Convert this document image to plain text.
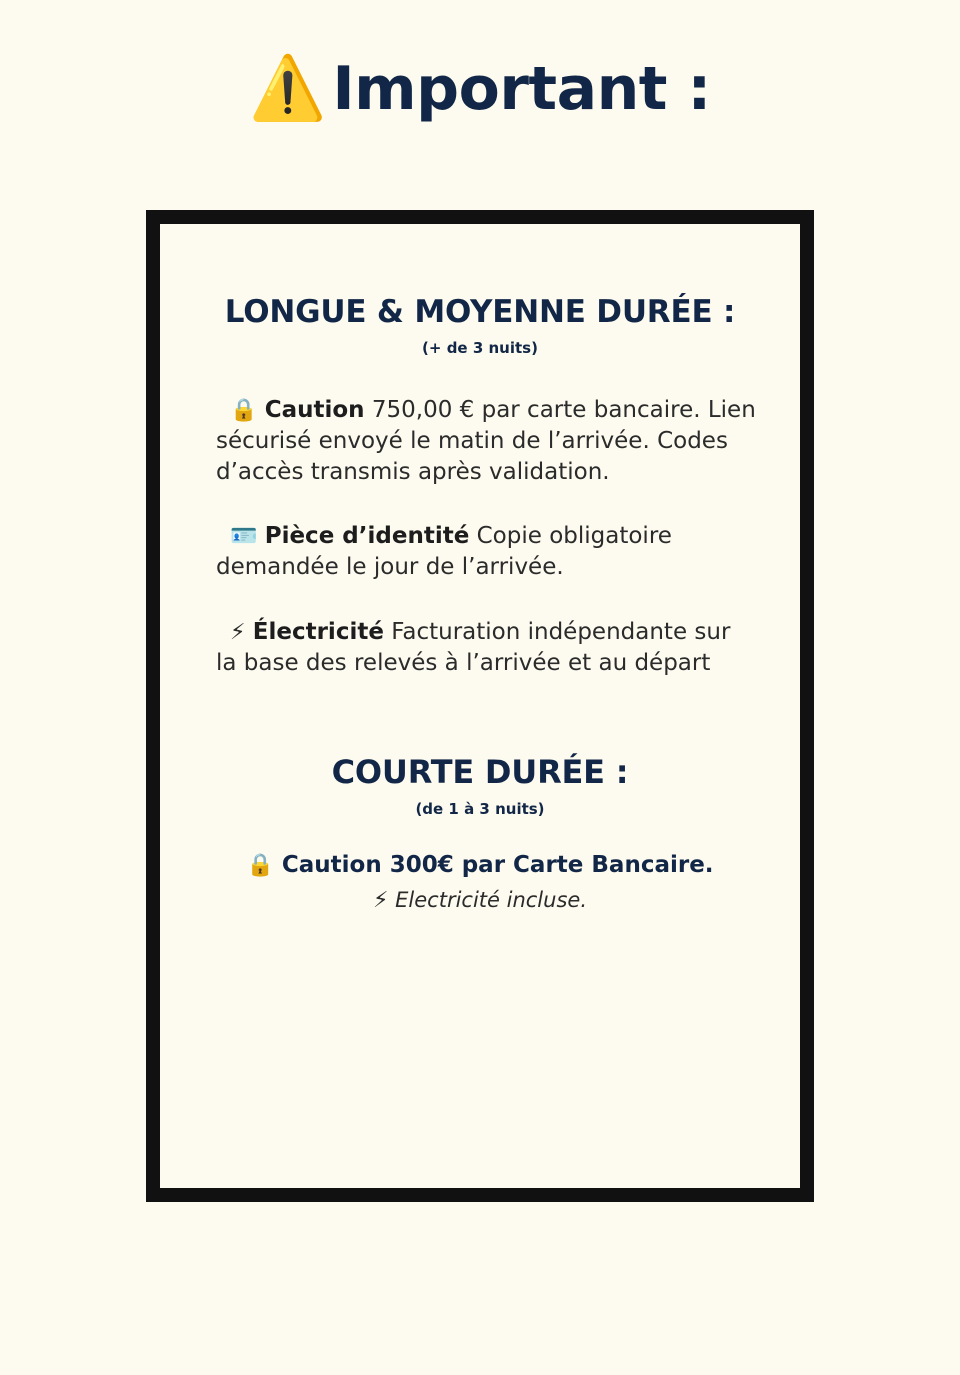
⚠️ Important :
LONGUE & MOYENNE DURÉE :
(+ de 3 nuits)

🔒 Caution 750,00 € par carte bancaire. Lien sécurisé envoyé le matin de l’arrivée. Codes d’accès transmis après validation.

🪪 Pièce d’identité Copie obligatoire demandée le jour de l’arrivée.

⚡ Électricité Facturation indépendante sur la base des relevés à l’arrivée et au départ

COURTE DURÉE :
(de 1 à 3 nuits)
🔒 Caution 300€ par Carte Bancaire.
⚡ Electricité incluse.
